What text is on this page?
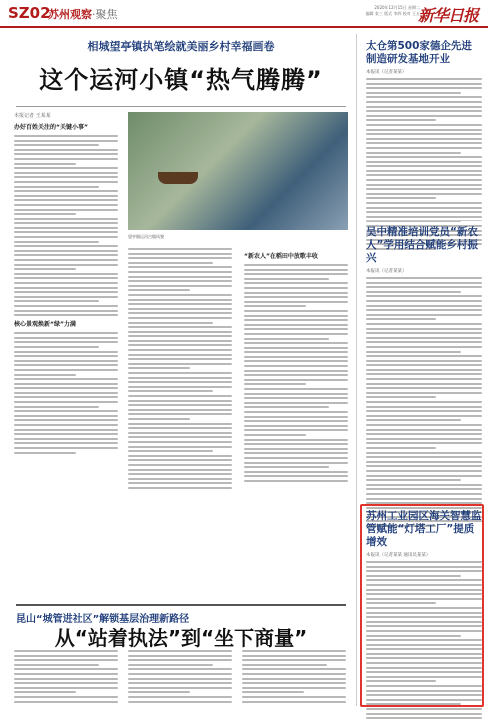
SZ02
苏州观察·聚焦
2020年12月15日 星期二
编辑 张三 版式 李四 校对 王五
新华日报
相城望亭镇执笔绘就美丽乡村幸福画卷
这个运河小镇“热气腾腾”
本报记者 王某某
办好百姓关注的“关键小事”
核心景观焕新“绿”力满
望亭镇运河古镇风貌
“新农人”在稻田中放歌丰收
太仓第500家德企先进制造研发基地开业
本报讯（记者某某）
吴中精准培训党员“新农人”学用结合赋能乡村振兴
本报讯（记者某某）
苏州工业园区海关智慧监管赋能“灯塔工厂”提质增效
本报讯（记者某某 通讯员某某）
昆山“城管进社区”解锁基层治理新路径
从“站着执法”到“坐下商量”
